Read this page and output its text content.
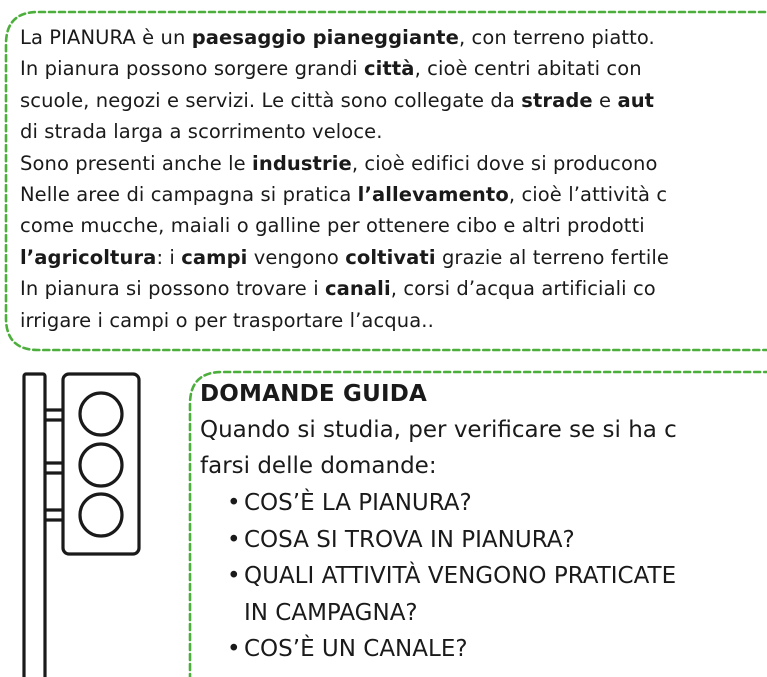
La PIANURA è un paesaggio pianeggiante, con terreno piatto.
In pianura possono sorgere grandi città, cioè centri abitati con
scuole, negozi e servizi. Le città sono collegate da strade e aut
di strada larga a scorrimento veloce.
Sono presenti anche le industrie, cioè edifici dove si producono
Nelle aree di campagna si pratica l’allevamento, cioè l’attività c
come mucche, maiali o galline per ottenere cibo e altri prodotti
l’agricoltura: i campi vengono coltivati grazie al terreno fertile
In pianura si possono trovare i canali, corsi d’acqua artificiali co
irrigare i campi o per trasportare l’acqua..
DOMANDE GUIDA
Quando si studia, per verificare se si ha c
farsi delle domande:
• COS’È LA PIANURA?
• COSA SI TROVA IN PIANURA?
• QUALI ATTIVITÀ VENGONO PRATICATE
IN CAMPAGNA?
• COS’È UN CANALE?
